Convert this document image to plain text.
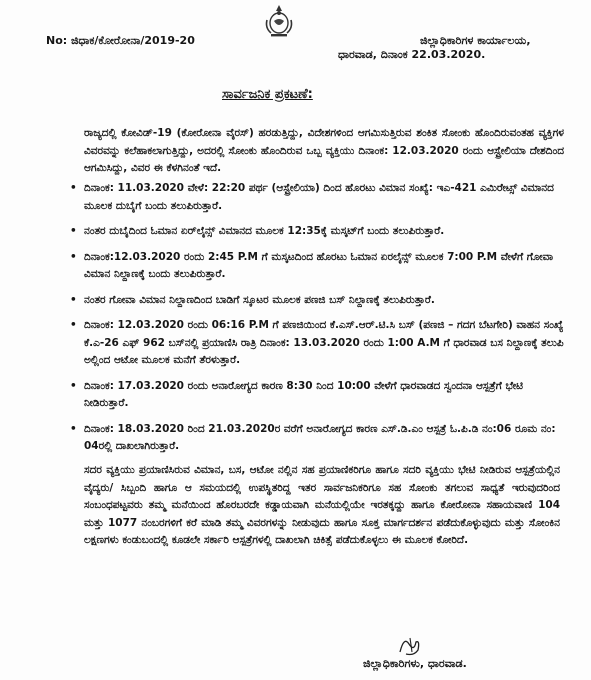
No: ಜಿಧಾಕ/ಕೋರೋನಾ/2019-20	ಜಿಲ್ಲಾಧಿಕಾರಿಗಳ ಕಾರ್ಯಾಲಯ,
ಧಾರವಾಡ, ದಿನಾಂಕ 22.03.2020.
ಸಾರ್ವಜನಿಕ ಪ್ರಕಟಣೆ:
ರಾಜ್ಯದಲ್ಲಿ ಕೋವಿಡ್-19 (ಕೋರೋನಾ ವೈರಸ್) ಹರಡುತ್ತಿದ್ದು, ವಿದೇಶಗಳಿಂದ ಆಗಮಿಸುತ್ತಿರುವ ಶಂಕಿತ ಸೋಂಕು ಹೊಂದಿರುವಂತಹ ವ್ಯಕ್ತಿಗಳ ವಿವರವನ್ನು ಕಲೆಹಾಕಲಾಗುತ್ತಿದ್ದು, ಅದರಲ್ಲಿ ಸೋಂಕು ಹೊಂದಿರುವ ಒಬ್ಬ ವ್ಯಕ್ತಿಯು ದಿನಾಂಕ: 12.03.2020 ರಂದು ಆಸ್ಟ್ರೇಲಿಯಾ ದೇಶದಿಂದ ಆಗಮಿಸಿದ್ದು, ವಿವರ ಈ ಕೆಳಗಿನಂತೆ ಇದೆ.
• ದಿನಾಂಕ: 11.03.2020 ವೇಳೆ: 22:20 ಪರ್ಥ (ಆಸ್ಟ್ರೇಲಿಯಾ) ದಿಂದ ಹೊರಟು ವಿಮಾನ ಸಂಖ್ಯೆ: ಇಎ-421 ಎಮಿರೇಟ್ಸ್ ವಿಮಾನದ ಮೂಲಕ ದುಬೈಗೆ ಬಂದು ತಲುಪಿರುತ್ತಾರೆ.
• ನಂತರ ದುಬೈದಿಂದ ಓಮಾನ ಏರ್‌ಲೈನ್ಸ್ ವಿಮಾನದ ಮೂಲಕ 12:35ಕ್ಕೆ ಮಸ್ಕಟ್‌ಗೆ ಬಂದು ತಲುಪಿರುತ್ತಾರೆ.
• ದಿನಾಂಕ:12.03.2020 ರಂದು 2:45 P.M ಗೆ ಮಸ್ಕಟದಿಂದ ಹೊರಟು ಓಮಾನ ಏರಲೈನ್ಸ್ ಮೂಲಕ 7:00 P.M ವೇಳೆಗೆ ಗೋವಾ ವಿಮಾನ ನಿಲ್ದಾಣಕ್ಕೆ ಬಂದು ತಲುಪಿರುತ್ತಾರೆ.
• ನಂತರ ಗೋವಾ ವಿಮಾನ ನಿಲ್ದಾಣದಿಂದ ಬಾಡಿಗೆ ಸ್ಕೂಟರ ಮೂಲಕ ಪಣಜಿ ಬಸ್ ನಿಲ್ದಾಣಕ್ಕೆ ತಲುಪಿರುತ್ತಾರೆ.
• ದಿನಾಂಕ: 12.03.2020 ರಂದು 06:16 P.M ಗೆ ಪಣಜಿಯಿಂದ ಕೆ.ಎಸ್.ಆರ್.ಟಿ.ಸಿ ಬಸ್ (ಪಣಜಿ – ಗದಗ ಬೆಟಗೇರಿ) ವಾಹನ ಸಂಖ್ಯೆ ಕೆ.ಎ-26 ಎಫ್ 962 ಬಸ್‌ನಲ್ಲಿ ಪ್ರಯಾಣಿಸಿ ರಾತ್ರಿ ದಿನಾಂಕ: 13.03.2020 ರಂದು 1:00 A.M ಗೆ ಧಾರವಾಡ ಬಸ ನಿಲ್ದಾಣಕ್ಕೆ ತಲುಪಿ ಅಲ್ಲಿಂದ ಆಟೋ ಮೂಲಕ ಮನೆಗೆ ತೆರಳುತ್ತಾರೆ.
• ದಿನಾಂಕ: 17.03.2020 ರಂದು ಅನಾರೋಗ್ಯದ ಕಾರಣ 8:30 ನಿಂದ 10:00 ವೇಳೆಗೆ ಧಾರವಾಡದ ಸ್ವಂದನಾ ಆಸ್ಪತ್ರೆಗೆ ಭೇಟಿ ನೀಡಿರುತ್ತಾರೆ.
• ದಿನಾಂಕ: 18.03.2020 ರಿಂದ 21.03.2020ರ ವರೆಗೆ ಅನಾರೋಗ್ಯದ ಕಾರಣ ಎಸ್.ಡಿ.ಎಂ ಆಸ್ಪತ್ರೆ ಓ.ಪಿ.ಡಿ ನಂ:06 ರೂಮ ನಂ: 04ರಲ್ಲಿ ದಾಖಲಾಗಿರುತ್ತಾರೆ.
ಸದರ ವ್ಯಕ್ತಿಯು ಪ್ರಯಾಣಿಸಿರುವ ವಿಮಾನ, ಬಸ, ಆಟೋ ನಲ್ಲಿನ ಸಹ ಪ್ರಯಾಣಿಕರಿಗೂ ಹಾಗೂ ಸದರಿ ವ್ಯಕ್ತಿಯು ಭೇಟಿ ನೀಡಿರುವ ಆಸ್ಪತ್ರೆಯಲ್ಲಿನ ವೈದ್ಯರು/ ಸಿಬ್ಬಂದಿ ಹಾಗೂ ಆ ಸಮಯದಲ್ಲಿ ಉಪಸ್ಥಿತರಿದ್ದ ಇತರ ಸಾರ್ವಜನಿಕರಿಗೂ ಸಹ ಸೋಂಕು ತಗಲುವ ಸಾಧ್ಯತೆ ಇರುವುದರಿಂದ ಸಂಬಂಧಪಟ್ಟವರು ತಮ್ಮ ಮನೆಯಿಂದ ಹೊರಬರದೇ ಕಡ್ಡಾಯವಾಗಿ ಮನೆಯಲ್ಲಿಯೇ ಇರತಕ್ಕದ್ದು ಹಾಗೂ ಕೋರೋನಾ ಸಹಾಯವಾಣಿ 104 ಮತ್ತು 1077 ನಂಬರಗಳಿಗೆ ಕರೆ ಮಾಡಿ ತಮ್ಮ ವಿವರಗಳನ್ನು ನೀಡುವುದು ಹಾಗೂ ಸೂಕ್ತ ಮಾರ್ಗದರ್ಶನ ಪಡೆದುಕೊಳ್ಳುವುದು ಮತ್ತು ಸೋಂಕಿನ ಲಕ್ಷಣಗಳು ಕಂಡುಬಂದಲ್ಲಿ ಕೂಡಲೇ ಸರ್ಕಾರಿ ಆಸ್ಪತ್ರೆಗಳಲ್ಲಿ ದಾಖಲಾಗಿ ಚಿಕಿತ್ಸೆ ಪಡೆದುಕೊಳ್ಳಲು ಈ ಮೂಲಕ ಕೋರಿದೆ.
ಜಿಲ್ಲಾಧಿಕಾರಿಗಳು, ಧಾರವಾಡ.
